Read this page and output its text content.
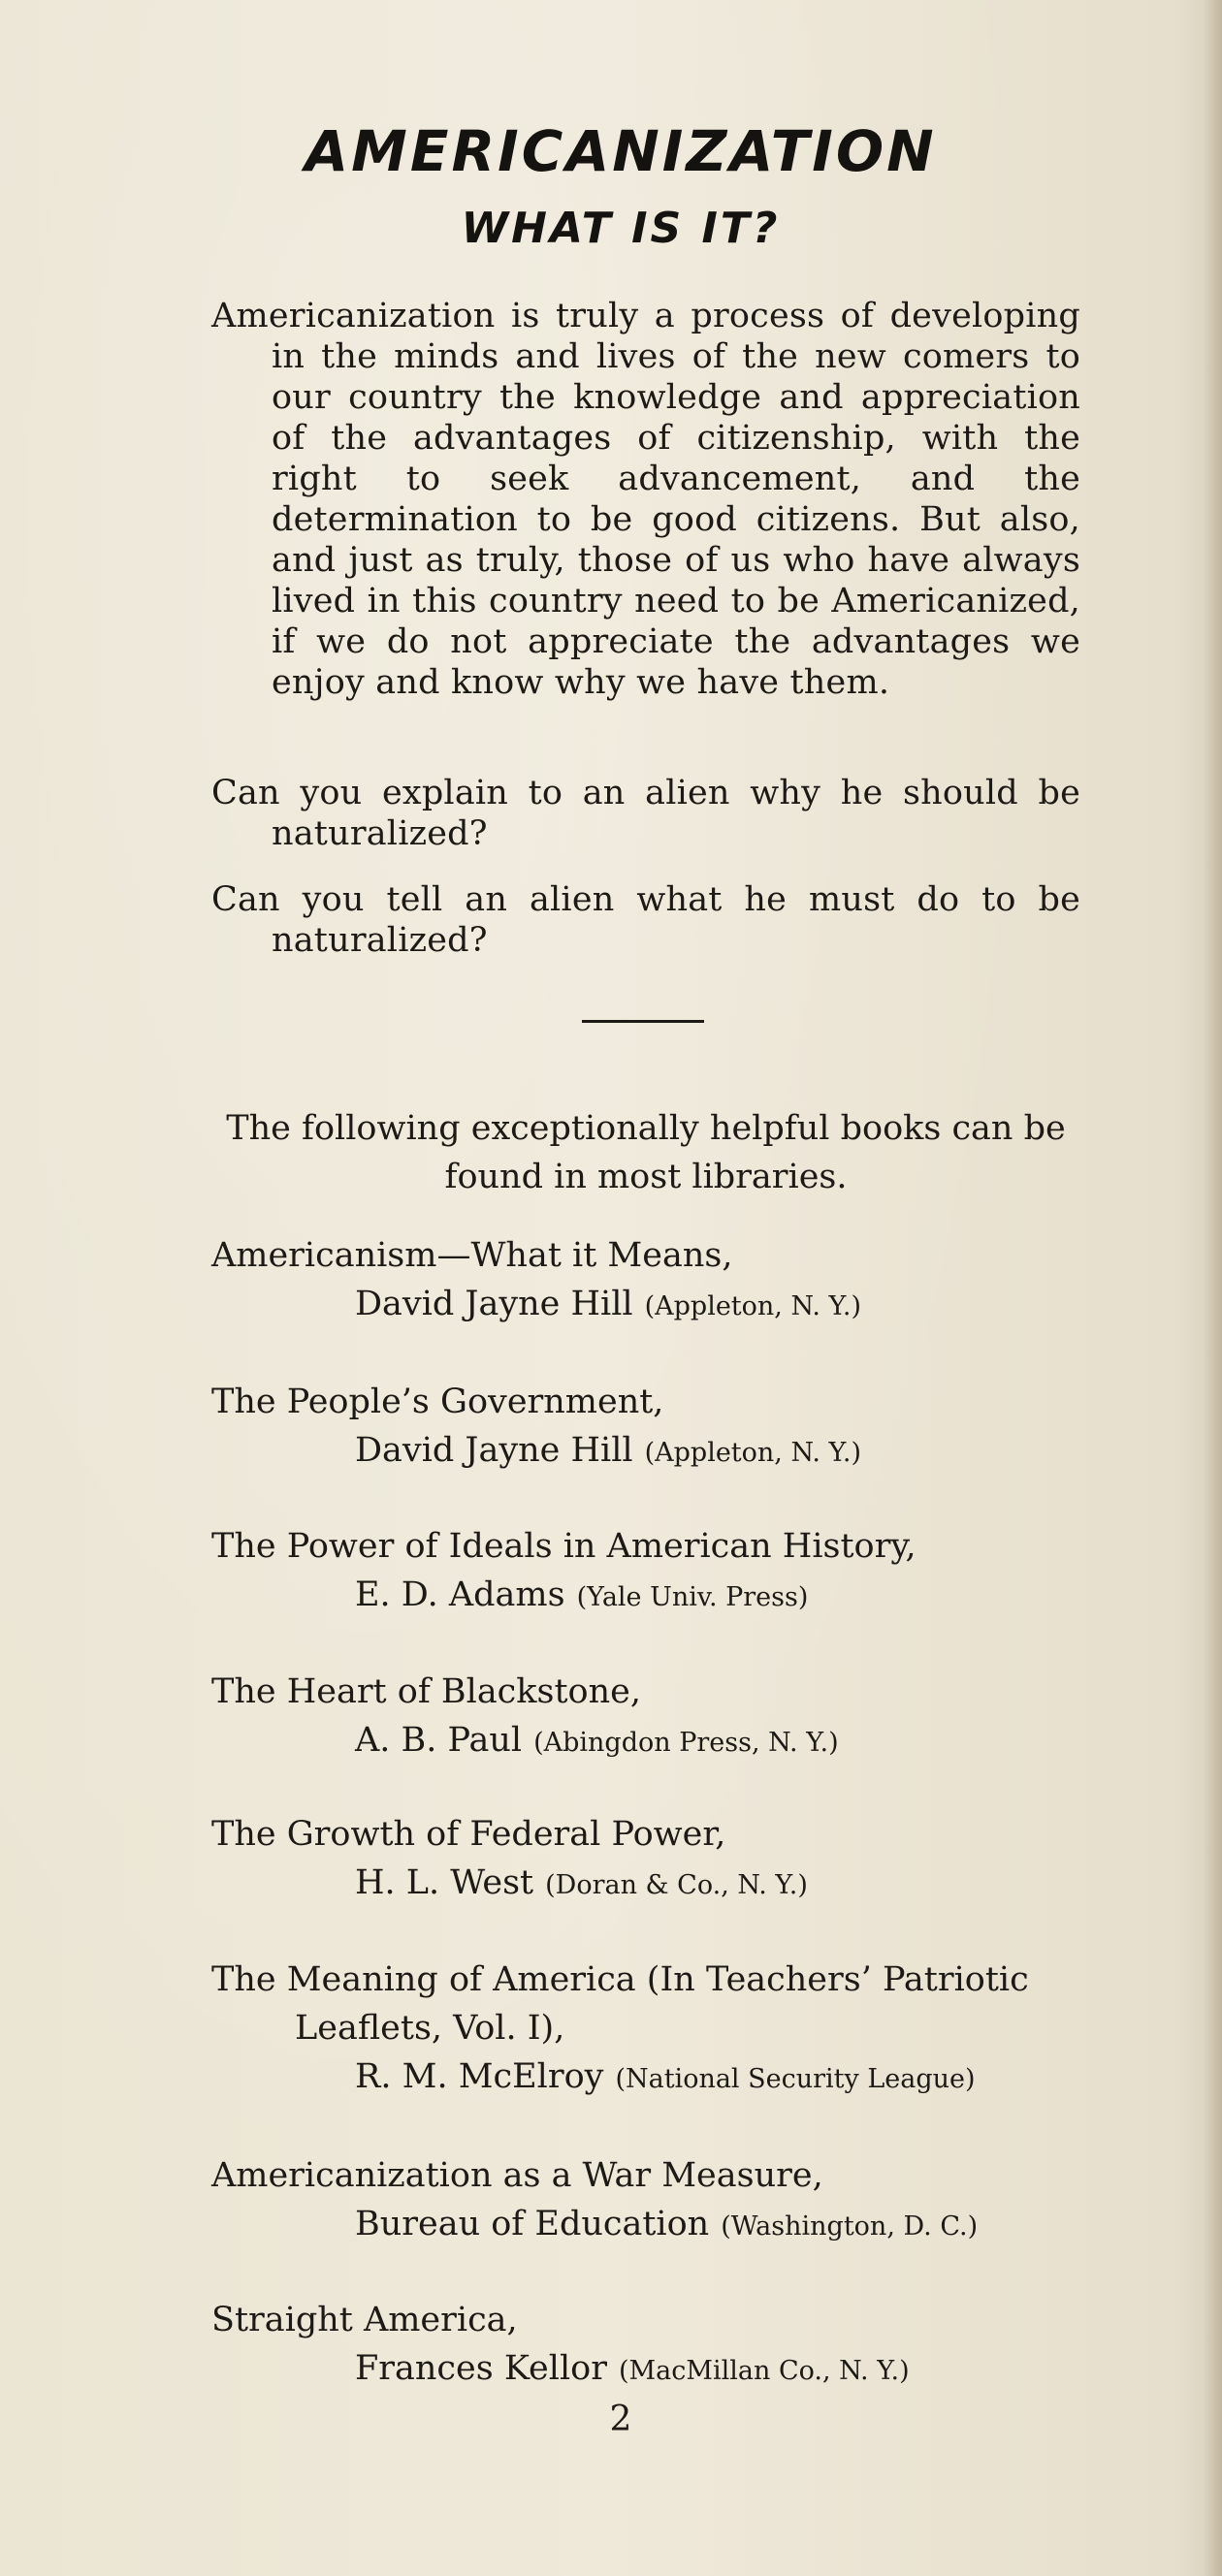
AMERICANIZATION
WHAT IS IT?

Americanization is truly a process of developing in the minds and lives of the new comers to our country the knowledge and appreciation of the advantages of citizenship, with the right to seek advancement, and the determination to be good citizens. But also, and just as truly, those of us who have always lived in this country need to be Americanized, if we do not appreciate the advantages we enjoy and know why we have them.

Can you explain to an alien why he should be naturalized?

Can you tell an alien what he must do to be naturalized?

The following exceptionally helpful books can be found in most libraries.

Americanism—What it Means,
David Jayne Hill (Appleton, N. Y.)
The People’s Government,
David Jayne Hill (Appleton, N. Y.)
The Power of Ideals in American History,
E. D. Adams (Yale Univ. Press)
The Heart of Blackstone,
A. B. Paul (Abingdon Press, N. Y.)
The Growth of Federal Power,
H. L. West (Doran & Co., N. Y.)
The Meaning of America (In Teachers’ Patriotic Leaflets, Vol. I),
R. M. McElroy (National Security League)
Americanization as a War Measure,
Bureau of Education (Washington, D. C.)
Straight America,
Frances Kellor (MacMillan Co., N. Y.)
2
